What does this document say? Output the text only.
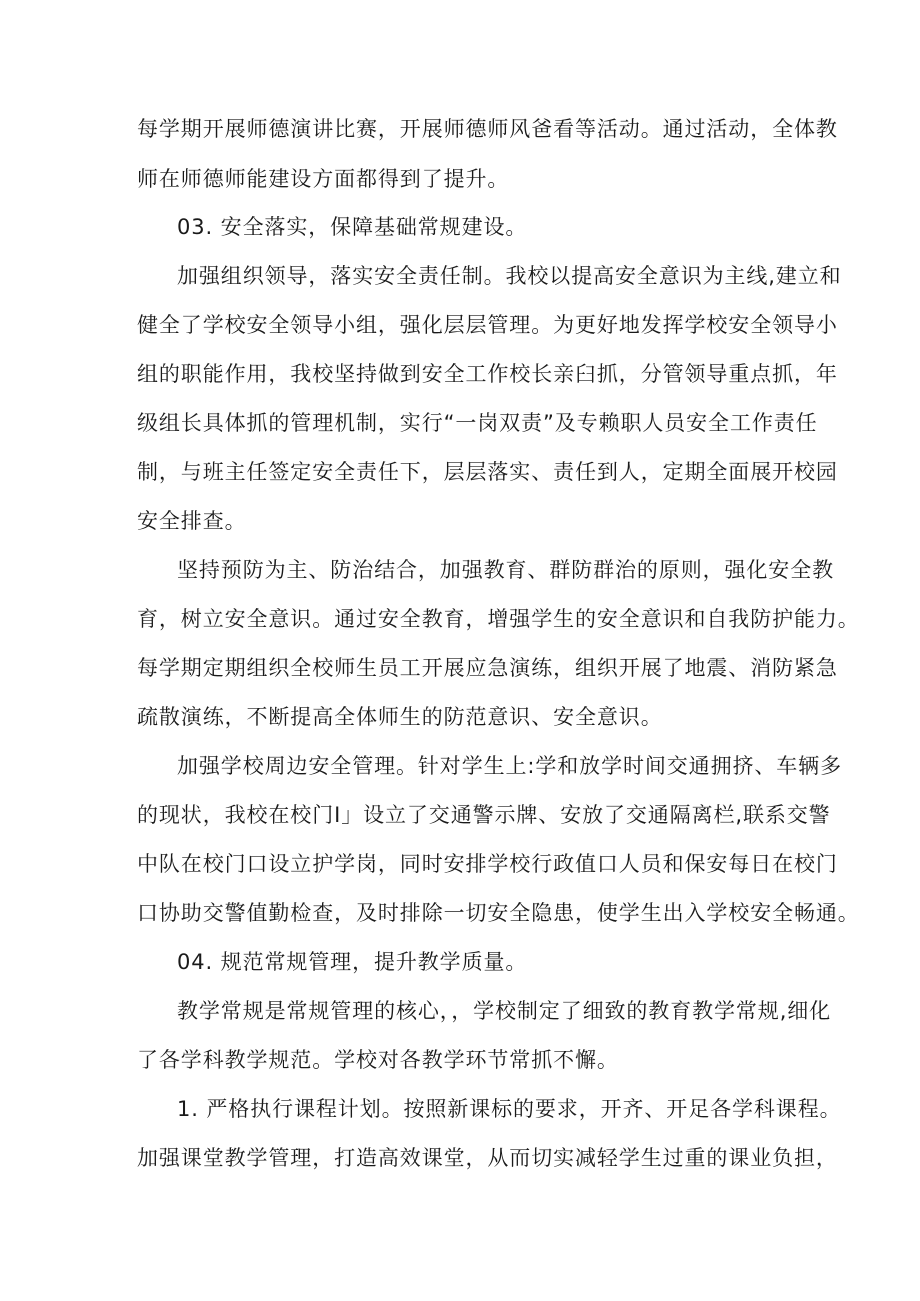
每学期开展师德演讲比赛，开展师德师风爸看等活动。通过活动，全体教
师在师德师能建设方面都得到了提升。
03. 安全落实，保障基础常规建设。
加强组织领导，落实安全责任制。我校以提高安全意识为主线,建立和
健全了学校安全领导小组，强化层层管理。为更好地发挥学校安全领导小
组的职能作用，我校坚持做到安全工作校长亲臼抓，分管领导重点抓，年
级组长具体抓的管理机制，实行“一岗双责”及专赖职人员安全工作责任
制，与班主任签定安全责任下，层层落实、责任到人，定期全面展开校园
安全排查。
坚持预防为主、防治结合，加强教育、群防群治的原则，强化安全教
育，树立安全意识。通过安全教育，增强学生的安全意识和自我防护能力。
每学期定期组织全校师生员工开展应急演练，组织开展了地震、消防紧急
疏散演练，不断提高全体师生的防范意识、安全意识。
加强学校周边安全管理。针对学生上:学和放学时间交通拥挤、车辆多
的现状，我校在校门I」设立了交通警示牌、安放了交通隔离栏,联系交警
中队在校门口设立护学岗，同时安排学校行政值口人员和保安每日在校门
口协助交警值勤检查，及时排除一切安全隐患，使学生出入学校安全畅通。
04. 规范常规管理，提升教学质量。
教学常规是常规管理的核心，，学校制定了细致的教育教学常规,细化
了各学科教学规范。学校对各教学环节常抓不懈。
1. 严格执行课程计划。按照新课标的要求，开齐、开足各学科课程。
加强课堂教学管理，打造高效课堂，从而切实减轻学生过重的课业负担，
